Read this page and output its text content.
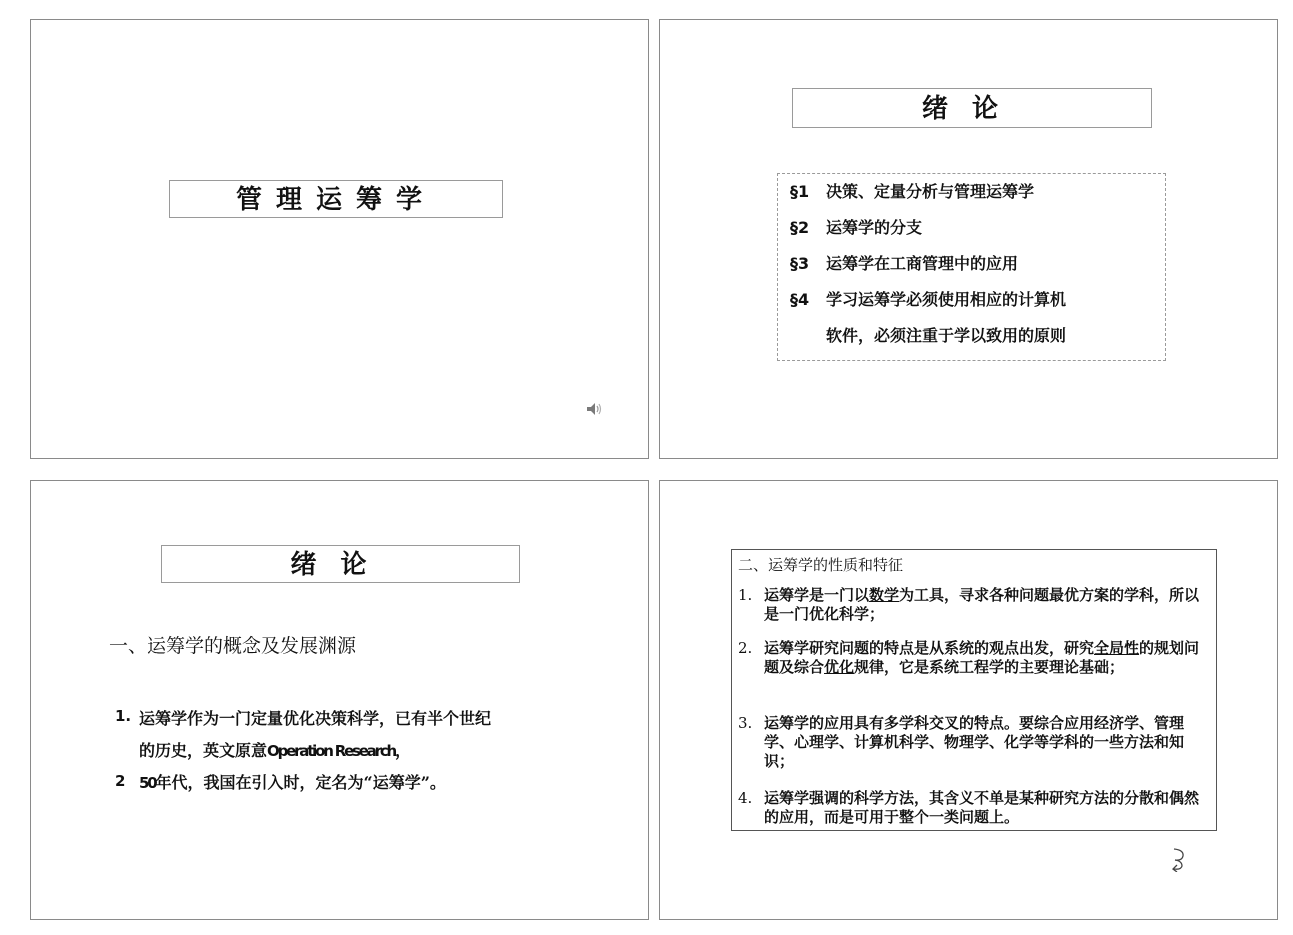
管理运筹学
绪论
§1 决策、定量分析与管理运筹学
§2 运筹学的分支
§3 运筹学在工商管理中的应用
§4 学习运筹学必须使用相应的计算机
软件，必须注重于学以致用的原则
绪论
一、运筹学的概念及发展渊源
1. 运筹学作为一门定量优化决策科学，已有半个世纪
的历史，英文原意Operation Research，
2 50年代，我国在引入时，定名为“运筹学”。
二、运筹学的性质和特征
1. 运筹学是一门以数学为工具，寻求各种问题最优方案的学科，所以是一门优化科学；
2. 运筹学研究问题的特点是从系统的观点出发，研究全局性的规划问题及综合优化规律，它是系统工程学的主要理论基础；
3. 运筹学的应用具有多学科交叉的特点。要综合应用经济学、管理学、心理学、计算机科学、物理学、化学等学科的一些方法和知识；
4. 运筹学强调的科学方法，其含义不单是某种研究方法的分散和偶然的应用，而是可用于整个一类问题上。
